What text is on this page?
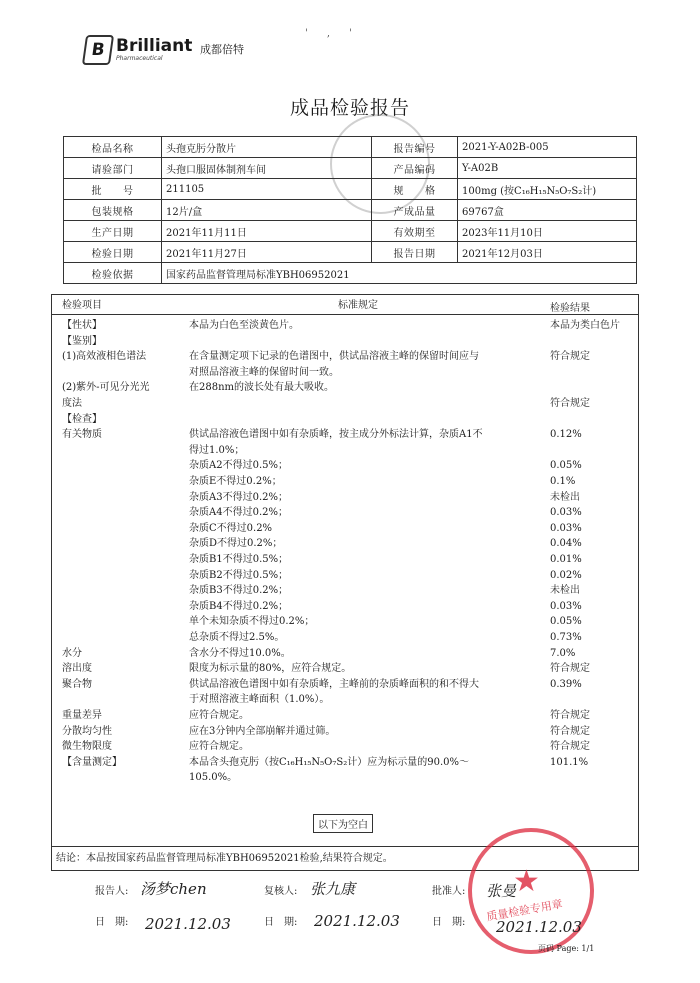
B Brilliant
Pharmaceutical
成都倍特
' , '
成品检验报告
检品名称	头孢克肟分散片	报告编号	2021-Y-A02B-005
请验部门	头孢口服固体制剂车间	产品编码	Y-A02B
批　　号	211105	规　　格	100mg (按C₁₆H₁₅N₅O₇S₂计)
包装规格	12片/盒	产成品量	69767盒
生产日期	2021年11月11日	有效期至	2023年11月10日
检验日期	2021年11月27日	报告日期	2021年12月03日
检验依据	国家药品监督管理局标准YBH06952021		
检验项目	标准规定	检验结果
【性状】	本品为白色至淡黄色片。	本品为类白色片
【鉴别】
(1)高效液相色谱法	在含量测定项下记录的色谱图中，供试品溶液主峰的保留时间应与	符合规定
对照品溶液主峰的保留时间一致。
(2)紫外-可见分光光	在288nm的波长处有最大吸收。
度法	符合规定
【检查】
有关物质	供试品溶液色谱图中如有杂质峰，按主成分外标法计算，杂质A1不	0.12%
得过1.0%；
杂质A2不得过0.5%；	0.05%
杂质E不得过0.2%；	0.1%
杂质A3不得过0.2%；	未检出
杂质A4不得过0.2%；	0.03%
杂质C不得过0.2%	0.03%
杂质D不得过0.2%；	0.04%
杂质B1不得过0.5%；	0.01%
杂质B2不得过0.5%；	0.02%
杂质B3不得过0.2%；	未检出
杂质B4不得过0.2%；	0.03%
单个未知杂质不得过0.2%；	0.05%
总杂质不得过2.5%。	0.73%
水分	含水分不得过10.0%。	7.0%
溶出度	限度为标示量的80%，应符合规定。	符合规定
聚合物	供试品溶液色谱图中如有杂质峰，主峰前的杂质峰面积的和不得大	0.39%
于对照溶液主峰面积（1.0%）。
重量差异	应符合规定。	符合规定
分散均匀性	应在3分钟内全部崩解并通过筛。	符合规定
微生物限度	应符合规定。	符合规定
【含量测定】	本品含头孢克肟（按C₁₆H₁₅N₅O₇S₂计）应为标示量的90.0%～	101.1%
105.0%。
以下为空白
结论：本品按国家药品监督管理局标准YBH06952021检验,结果符合规定。
★
质量检验专用章
报告人: 汤梦chen	复核人: 张九康	批准人: 张曼
日　期: 2021.12.03	日　期: 2021.12.03	日　期: 2021.12.03
页码 Page: 1/1
